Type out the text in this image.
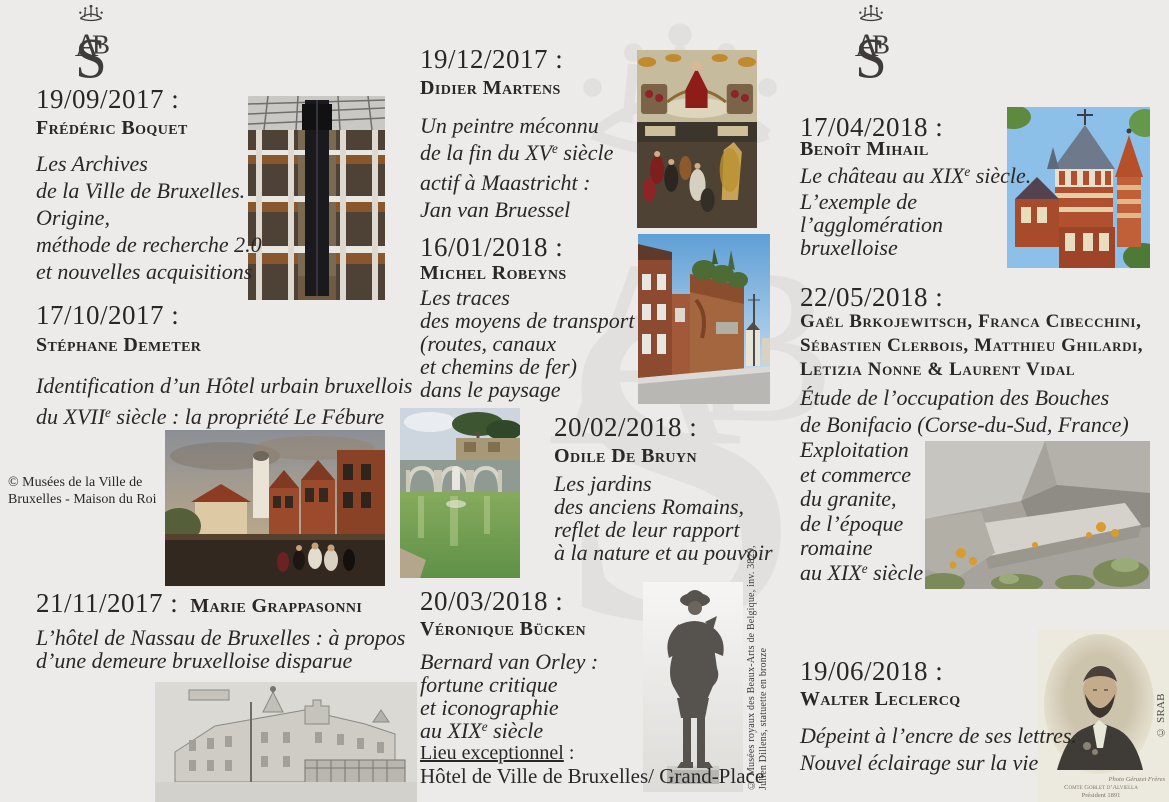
19/09/2017 :
Frédéric Boquet
Les Archives
de la Ville de Bruxelles.
Origine,
méthode de recherche 2.0
et nouvelles acquisitions
17/10/2017 :
Stéphane Demeter
Identification d’un Hôtel urbain bruxellois
du XVIIe siècle : la propriété Le Fébure
© Musées de la Ville de
Bruxelles - Maison du Roi
21/11/2017 : Marie Grappasonni
L’hôtel de Nassau de Bruxelles : à propos
d’une demeure bruxelloise disparue
19/12/2017 :
Didier Martens
Un peintre méconnu
de la fin du XVe siècle
actif à Maastricht :
Jan van Bruessel
16/01/2018 :
Michel Robeyns
Les traces
des moyens de transport
(routes, canaux
et chemins de fer)
dans le paysage
20/02/2018 :
Odile De Bruyn
Les jardins
des anciens Romains,
reflet de leur rapport
à la nature et au pouvoir
20/03/2018 :
Véronique Bücken
Bernard van Orley :
fortune critique
et iconographie
au XIXe siècle
Lieu exceptionnel :
Hôtel de Ville de Bruxelles/ Grand-Place
© Musées royaux des Beaux-Arts de Belgique, inv. 3829, Julien Dillens, statuette en bronze
17/04/2018 :
Benoît Mihail
Le château au XIXe siècle.
L’exemple de
l’agglomération
bruxelloise
22/05/2018 :
Gaël Brkojewitsch, Franca Cibecchini,
Sébastien Clerbois, Matthieu Ghilardi,
Letizia Nonne & Laurent Vidal
Étude de l’occupation des Bouches
de Bonifacio (Corse-du-Sud, France)
Exploitation
et commerce
du granite,
de l’époque
romaine
au XIXe siècle
19/06/2018 :
Walter Leclercq
Dépeint à l’encre de ses lettres.
Nouvel éclairage sur la vie
© SRAB
Photo Géruzet Frères
Comte Goblet d’Alviella
Président 1891
